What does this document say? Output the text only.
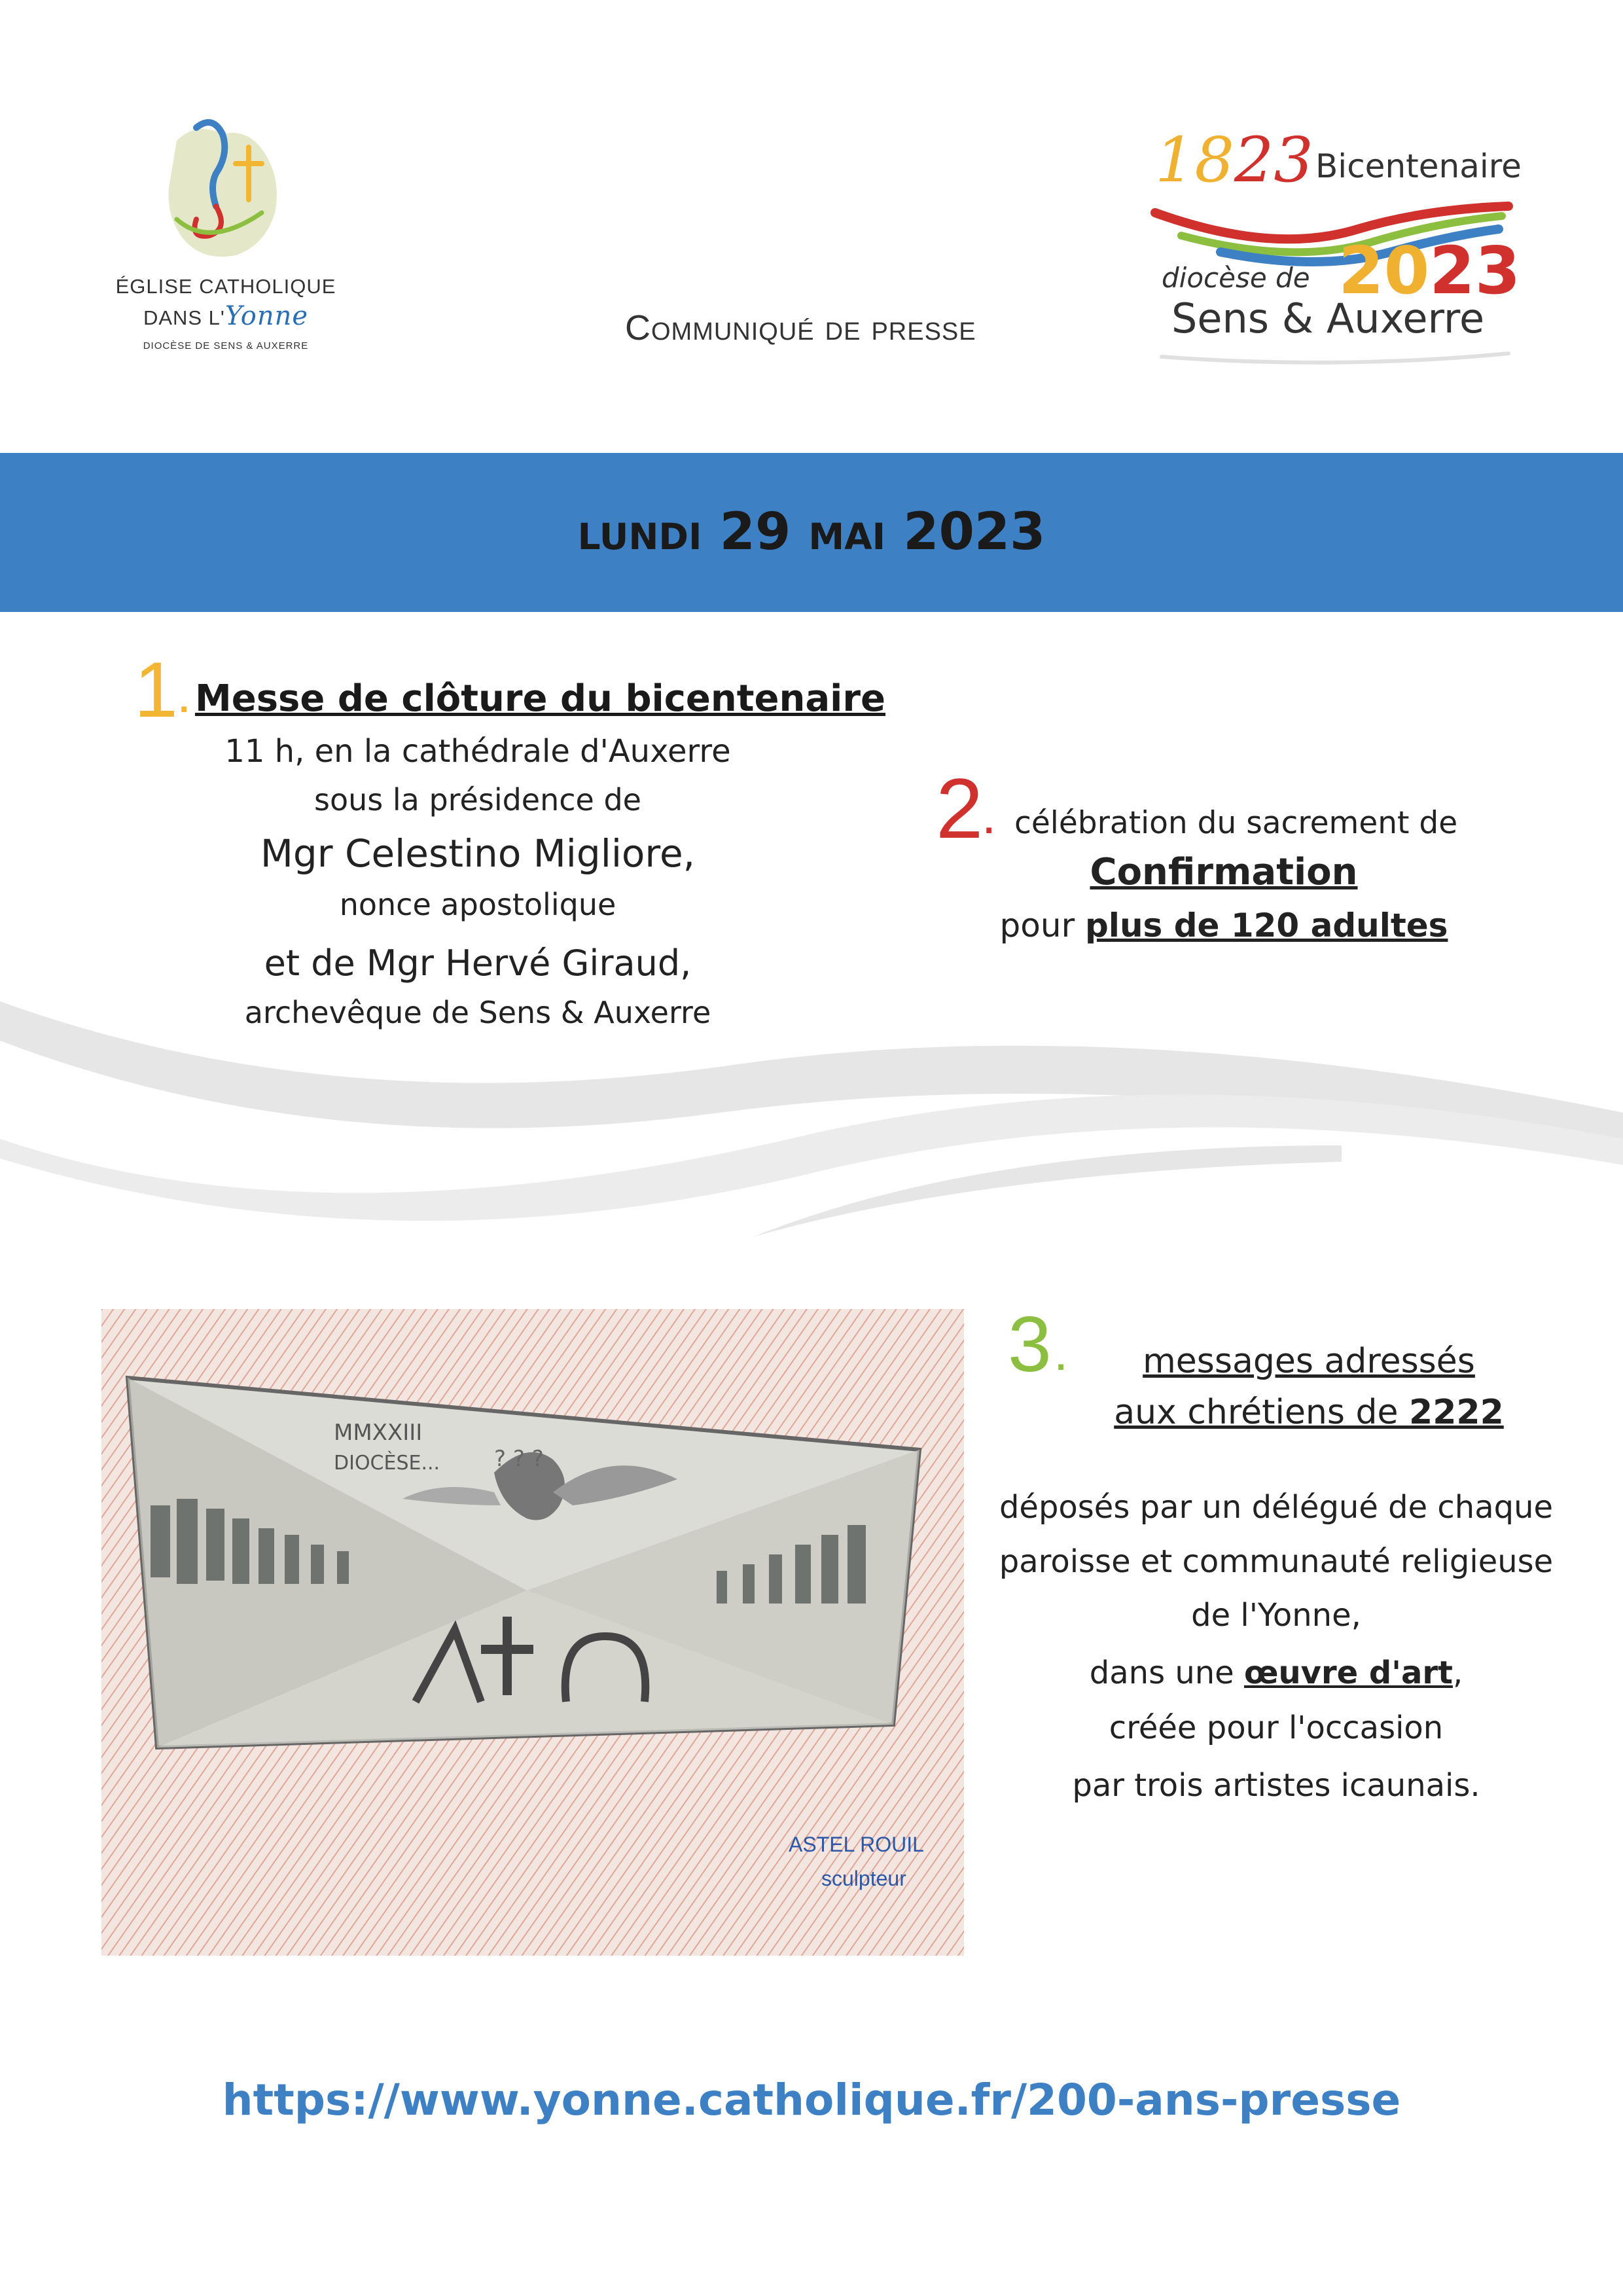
ÉGLISE CATHOLIQUE
DANS L'Yonne
DIOCÈSE DE SENS & AUXERRE	Communiqué de presse
1823 Bicentenaire
2023
diocèse de
Sens & Auxerre
lundi 29 mai 2023
1
. Messe de clôture du bicentenaire
11 h, en la cathédrale d'Auxerre
sous la présidence de
Mgr Celestino Migliore,
nonce apostolique
et de Mgr Hervé Giraud,
archevêque de Sens & Auxerre
2
. célébration du sacrement de
Confirmation
pour plus de 120 adultes
MMXXIII
DIOCÈSE... ? ? ?
ASTEL ROUIL
sculpteur
3 .	messages adressés
aux chrétiens de 2222
déposés par un délégué de chaque
paroisse et communauté religieuse
de l'Yonne,
dans une œuvre d'art,
créée pour l'occasion
par trois artistes icaunais.
https://www.yonne.catholique.fr/200-ans-presse
